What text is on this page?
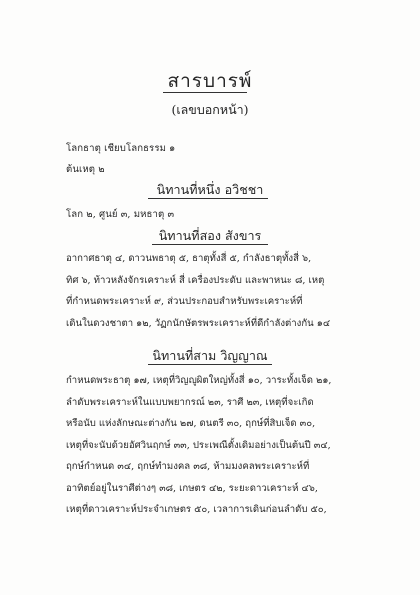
สารบารพ์
(เลขบอกหน้า)
โลกธาตุ เชียบโลกธรรม ๑
ต้นเหตุ ๒
นิทานที่หนึ่ง อวิชชา
โลก ๒, ศูนย์ ๓, มหธาตุ ๓
นิทานที่สอง สังขาร
อากาศธาตุ ๔, ดาวนพธาตุ ๕, ธาตุทั้งสี่ ๕, กำลังธาตุทั้งสี่ ๖,
ทิศ ๖, ท้าวหลังจักรเคราะห์ สี่ เครื่องประดับ และพาหนะ ๘, เหตุ
ที่กำหนดพระเคราะห์ ๙, ส่วนประกอบสำหรับพระเคราะห์ที่
เดินในดวงชาตา ๑๒, วัฏกนักษัตรพระเคราะห์ที่ดีกำลังต่างกัน ๑๔
นิทานที่สาม วิญญาณ
กำหนดพระธาตุ ๑๗, เหตุที่วิญญูผิตใหญ่ทั้งสี่ ๑๐, วาระทั้งเจ็ด ๒๑,
ลำดับพระเคราะห์ในแบบพยากรณ์ ๒๓, ราศี ๒๓, เหตุที่จะเกิด
หรือนับ แห่งลักษณะต่างกัน ๒๗, ดนตรี ๓๐, ฤกษ์ที่สิบเจ็ด ๓๐,
เหตุที่จะนับด้วยอัศวินฤกษ์ ๓๓, ประเพณีตั้งเดิมอย่างเป็นต้นปี ๓๔,
ฤกษ์กำหนด ๓๔, ฤกษ์ทำมงคล ๓๘, ห้ามมงคลพระเคราะห์ที่
อาทิตย์อยู่ในราศีต่างๆ ๓๘, เกษตร ๔๒, ระยะดาวเคราะห์ ๔๖,
เหตุที่ดาวเคราะห์ประจำเกษตร ๕๐, เวลาการเดินก่อนลำดับ ๕๐,
